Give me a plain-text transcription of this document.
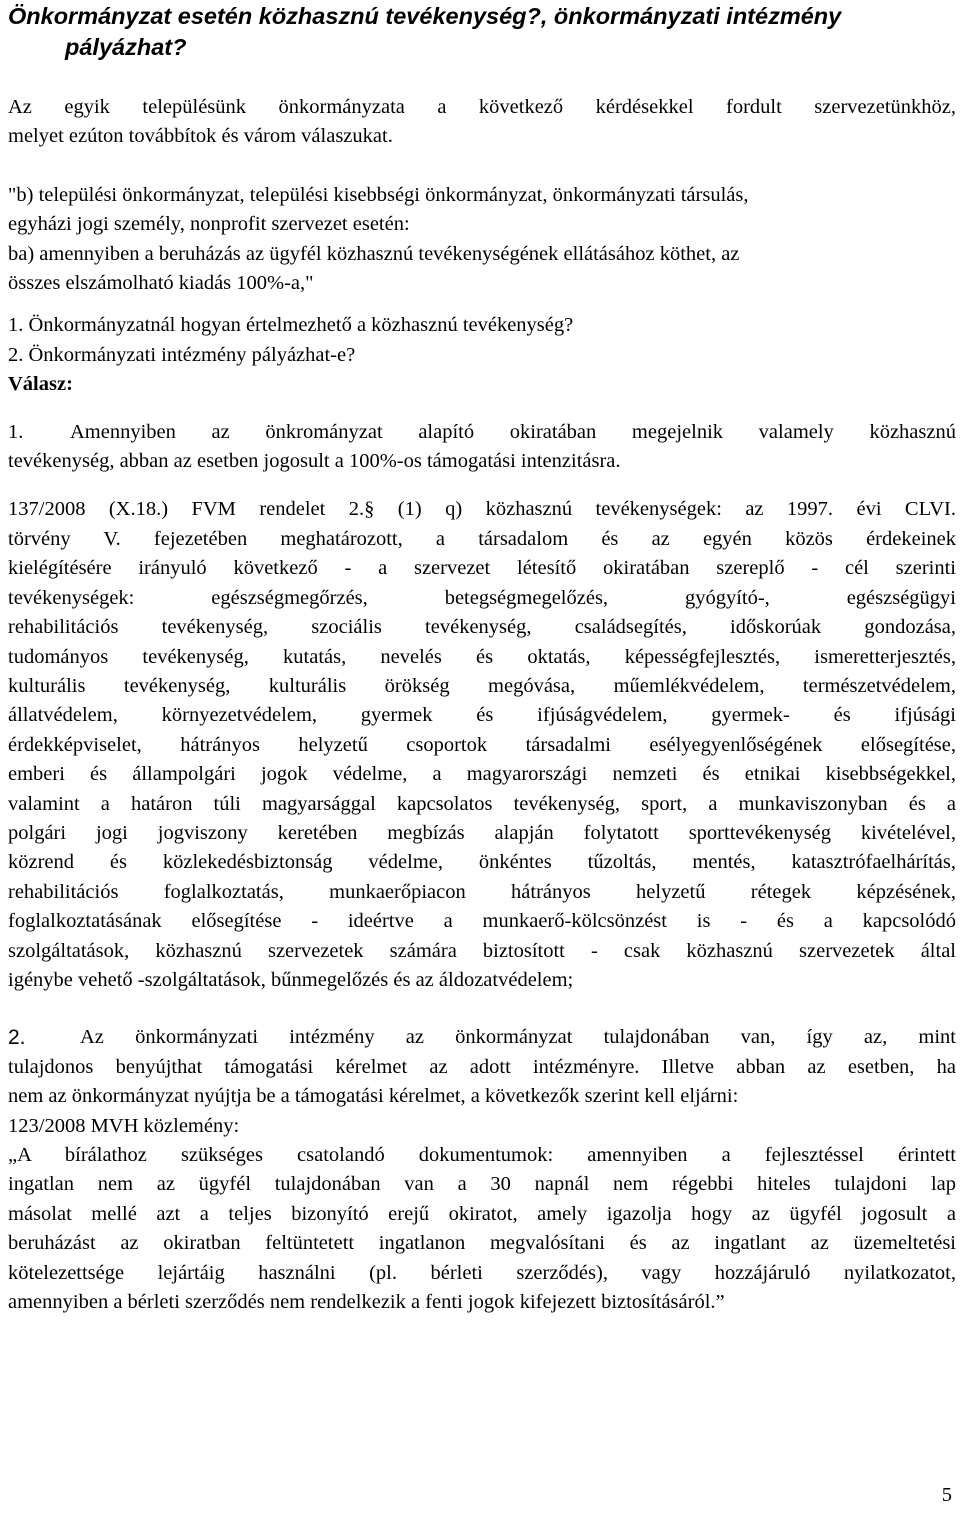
Önkormányzat esetén közhasznú tevékenység?, önkormányzati intézmény
pályázhat?
Az egyik településünk önkormányzata a következő kérdésekkel fordult szervezetünkhöz,
melyet ezúton továbbítok és várom válaszukat.
"b) települési önkormányzat, települési kisebbségi önkormányzat, önkormányzati társulás,
egyházi jogi személy, nonprofit szervezet esetén:
ba) amennyiben a beruházás az ügyfél közhasznú tevékenységének ellátásához köthet, az
összes elszámolható kiadás 100%-a,"
1. Önkormányzatnál hogyan értelmezhető a közhasznú tevékenység?
2. Önkormányzati intézmény pályázhat-e?
Válasz:
1.	Amennyiben az önkrományzat alapító okiratában megejelnik valamely közhasznú
tevékenység, abban az esetben jogosult a 100%-os támogatási intenzitásra.
137/2008 (X.18.) FVM rendelet 2.§ (1) q) közhasznú tevékenységek: az 1997. évi CLVI.
törvény V. fejezetében meghatározott, a társadalom és az egyén közös érdekeinek
kielégítésére irányuló következő - a szervezet létesítő okiratában szereplő - cél szerinti
tevékenységek: egészségmegőrzés, betegségmegelőzés, gyógyító-, egészségügyi
rehabilitációs tevékenység, szociális tevékenység, családsegítés, időskorúak gondozása,
tudományos tevékenység, kutatás, nevelés és oktatás, képességfejlesztés, ismeretterjesztés,
kulturális tevékenység, kulturális örökség megóvása, műemlékvédelem, természetvédelem,
állatvédelem, környezetvédelem, gyermek és ifjúságvédelem, gyermek- és ifjúsági
érdekképviselet, hátrányos helyzetű csoportok társadalmi esélyegyenlőségének elősegítése,
emberi és állampolgári jogok védelme, a magyarországi nemzeti és etnikai kisebbségekkel,
valamint a határon túli magyarsággal kapcsolatos tevékenység, sport, a munkaviszonyban és a
polgári jogi jogviszony keretében megbízás alapján folytatott sporttevékenység kivételével,
közrend és közlekedésbiztonság védelme, önkéntes tűzoltás, mentés, katasztrófaelhárítás,
rehabilitációs foglalkoztatás, munkaerőpiacon hátrányos helyzetű rétegek képzésének,
foglalkoztatásának elősegítése - ideértve a munkaerő-kölcsönzést is - és a kapcsolódó
szolgáltatások, közhasznú szervezetek számára biztosított - csak közhasznú szervezetek által
igénybe vehető -szolgáltatások, bűnmegelőzés és az áldozatvédelem;
2.	Az önkormányzati intézmény az önkormányzat tulajdonában van, így az, mint
tulajdonos benyújthat támogatási kérelmet az adott intézményre. Illetve abban az esetben, ha
nem az önkormányzat nyújtja be a támogatási kérelmet, a következők szerint kell eljárni:
123/2008 MVH közlemény:
„A bírálathoz szükséges csatolandó dokumentumok: amennyiben a fejlesztéssel érintett
ingatlan nem az ügyfél tulajdonában van a 30 napnál nem régebbi hiteles tulajdoni lap
másolat mellé azt a teljes bizonyító erejű okiratot, amely igazolja hogy az ügyfél jogosult a
beruházást az okiratban feltüntetett ingatlanon megvalósítani és az ingatlant az üzemeltetési
kötelezettsége lejártáig használni (pl. bérleti szerződés), vagy hozzájáruló nyilatkozatot,
amennyiben a bérleti szerződés nem rendelkezik a fenti jogok kifejezett biztosításáról.”
5
